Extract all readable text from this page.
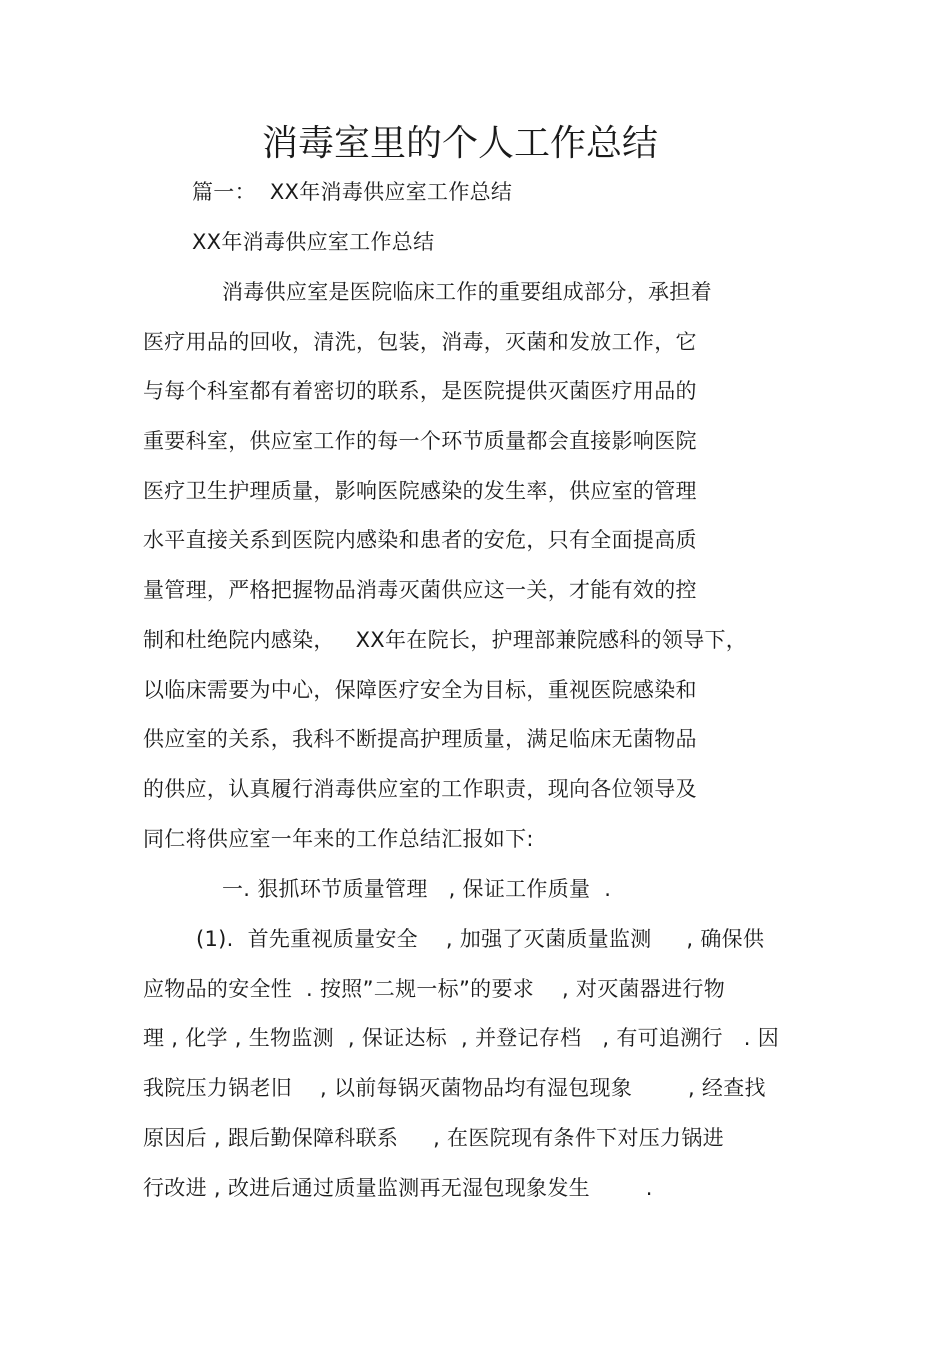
消毒室里的个人工作总结
篇一：  XX年消毒供应室工作总结
XX年消毒供应室工作总结
消毒供应室是医院临床工作的重要组成部分，承担着
医疗用品的回收，清洗，包装，消毒，灭菌和发放工作，它
与每个科室都有着密切的联系，是医院提供灭菌医疗用品的
重要科室，供应室工作的每一个环节质量都会直接影响医院
医疗卫生护理质量，影响医院感染的发生率，供应室的管理
水平直接关系到医院内感染和患者的安危，只有全面提高质
量管理，严格把握物品消毒灭菌供应这一关，才能有效的控
制和杜绝院内感染，   XX年在院长，护理部兼院感科的领导下，
以临床需要为中心，保障医疗安全为目标，重视医院感染和
供应室的关系，我科不断提高护理质量，满足临床无菌物品
的供应，认真履行消毒供应室的工作职责，现向各位领导及
同仁将供应室一年来的工作总结汇报如下:
一. 狠抓环节质量管理   , 保证工作质量  .
(1).  首先重视质量安全    , 加强了灭菌质量监测     , 确保供
应物品的安全性  . 按照”二规一标”的要求    , 对灭菌器进行物
理 , 化学 , 生物监测  , 保证达标  , 并登记存档   , 有可追溯行   . 因
我院压力锅老旧    , 以前每锅灭菌物品均有湿包现象        , 经查找
原因后 , 跟后勤保障科联系     , 在医院现有条件下对压力锅进
行改进 , 改进后通过质量监测再无湿包现象发生        .
